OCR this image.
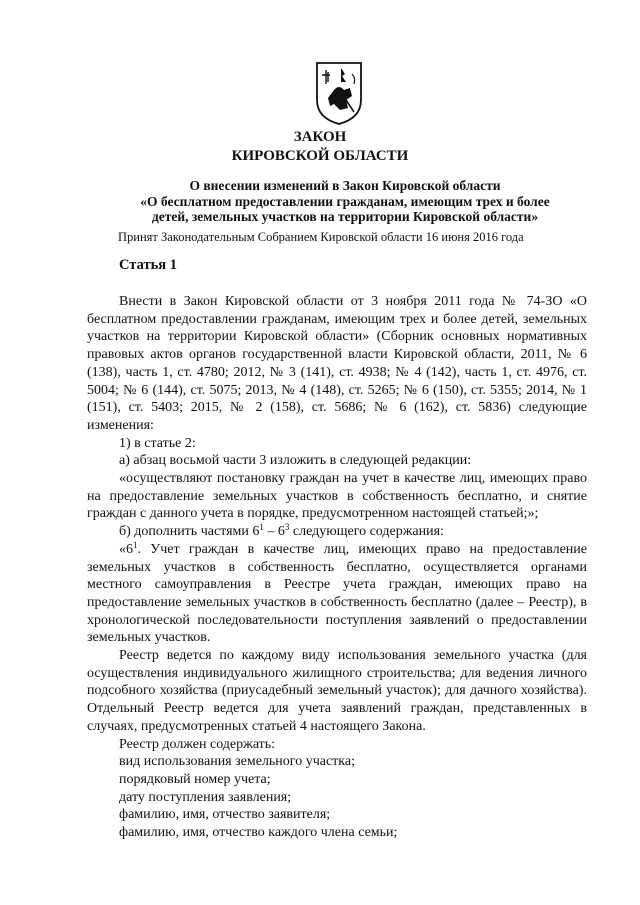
ЗАКОН
КИРОВСКОЙ ОБЛАСТИ
О внесении изменений в Закон Кировской области
«О бесплатном предоставлении гражданам, имеющим трех и более
детей, земельных участков на территории Кировской области»
Принят Законодательным Собранием Кировской области 16 июня 2016 года
Статья 1

Внести в Закон Кировской области от 3 ноября 2011 года № 74-ЗО «О бесплатном предоставлении гражданам, имеющим трех и более детей, земельных участков на территории Кировской области» (Сборник основных нормативных правовых актов органов государственной власти Кировской области, 2011, № 6 (138), часть 1, ст. 4780; 2012, № 3 (141), ст. 4938; № 4 (142), часть 1, ст. 4976, ст. 5004; № 6 (144), ст. 5075; 2013, № 4 (148), ст. 5265; № 6 (150), ст. 5355; 2014, № 1 (151), ст. 5403; 2015, № 2 (158), ст. 5686; № 6 (162), ст. 5836) следующие изменения:

1) в статье 2:

а) абзац восьмой части 3 изложить в следующей редакции:

«осуществляют постановку граждан на учет в качестве лиц, имеющих право на предоставление земельных участков в собственность бесплатно, и снятие граждан с данного учета в порядке, предусмотренном настоящей статьей;»;

б) дополнить частями $6^1 - 6^3$ следующего содержания:

«$6^1$. Учет граждан в качестве лиц, имеющих право на предоставление земельных участков в собственность бесплатно, осуществляется органами местного самоуправления в Реестре учета граждан, имеющих право на предоставление земельных участков в собственность бесплатно (далее – Реестр), в хронологической последовательности поступления заявлений о предоставлении земельных участков.

Реестр ведется по каждому виду использования земельного участка (для осуществления индивидуального жилищного строительства; для ведения личного подсобного хозяйства (приусадебный земельный участок); для дачного хозяйства). Отдельный Реестр ведется для учета заявлений граждан, представленных в случаях, предусмотренных статьей 4 настоящего Закона.

Реестр должен содержать:

вид использования земельного участка;

порядковый номер учета;

дату поступления заявления;

фамилию, имя, отчество заявителя;

фамилию, имя, отчество каждого члена семьи;
